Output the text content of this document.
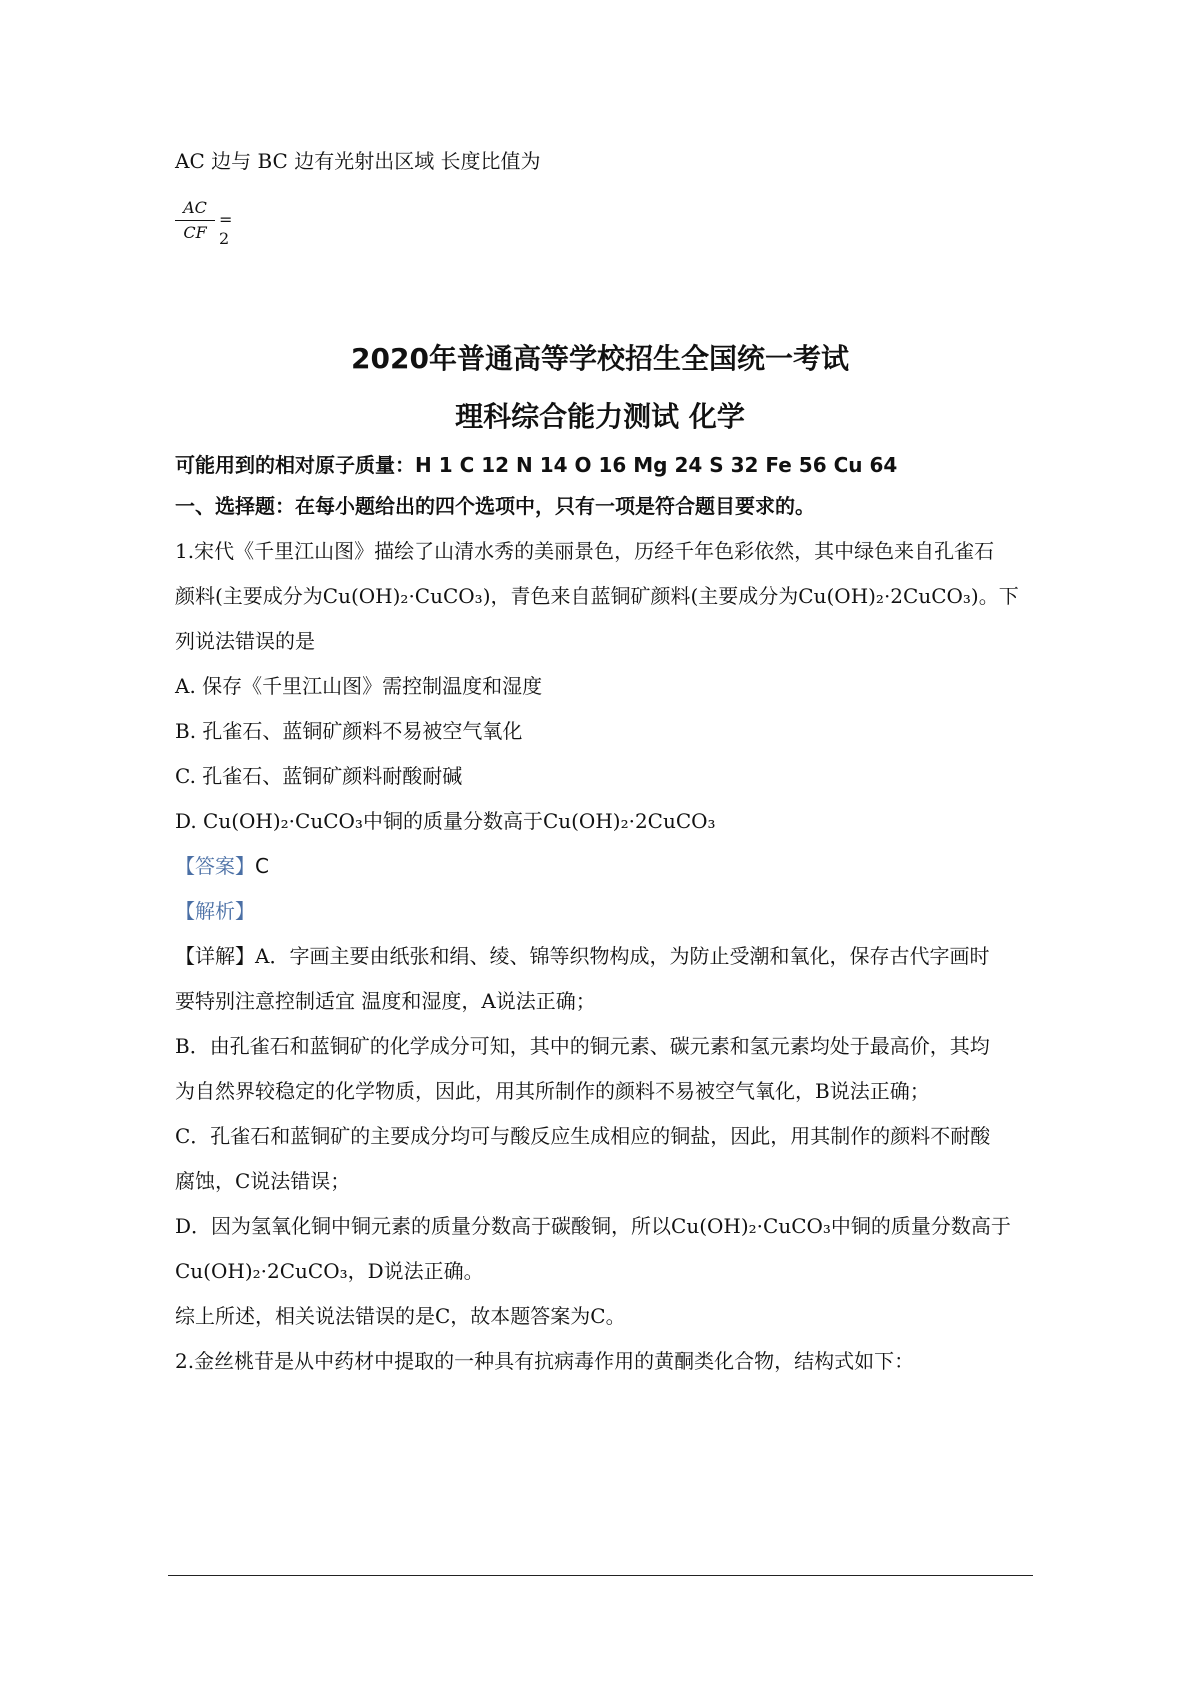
AC 边与 BC 边有光射出区域 长度比值为
AC
CF
= 2
2020年普通高等学校招生全国统一考试
理科综合能力测试 化学
可能用到的相对原子质量：H 1 C 12 N 14 O 16 Mg 24 S 32 Fe 56 Cu 64
一、选择题：在每小题给出的四个选项中，只有一项是符合题目要求的。
1.宋代《千里江山图》描绘了山清水秀的美丽景色，历经千年色彩依然，其中绿色来自孔雀石
颜料(主要成分为Cu(OH)₂·CuCO₃)，青色来自蓝铜矿颜料(主要成分为Cu(OH)₂·2CuCO₃)。下
列说法错误的是
A. 保存《千里江山图》需控制温度和湿度
B. 孔雀石、蓝铜矿颜料不易被空气氧化
C. 孔雀石、蓝铜矿颜料耐酸耐碱
D. Cu(OH)₂·CuCO₃中铜的质量分数高于Cu(OH)₂·2CuCO₃
【答案】C
【解析】
【详解】A．字画主要由纸张和绢、绫、锦等织物构成，为防止受潮和氧化，保存古代字画时
要特别注意控制适宜 温度和湿度，A说法正确；
B．由孔雀石和蓝铜矿的化学成分可知，其中的铜元素、碳元素和氢元素均处于最高价，其均
为自然界较稳定的化学物质，因此，用其所制作的颜料不易被空气氧化，B说法正确；
C．孔雀石和蓝铜矿的主要成分均可与酸反应生成相应的铜盐，因此，用其制作的颜料不耐酸
腐蚀，C说法错误；
D．因为氢氧化铜中铜元素的质量分数高于碳酸铜，所以Cu(OH)₂·CuCO₃中铜的质量分数高于
Cu(OH)₂·2CuCO₃，D说法正确。
综上所述，相关说法错误的是C，故本题答案为C。
2.金丝桃苷是从中药材中提取的一种具有抗病毒作用的黄酮类化合物，结构式如下：
